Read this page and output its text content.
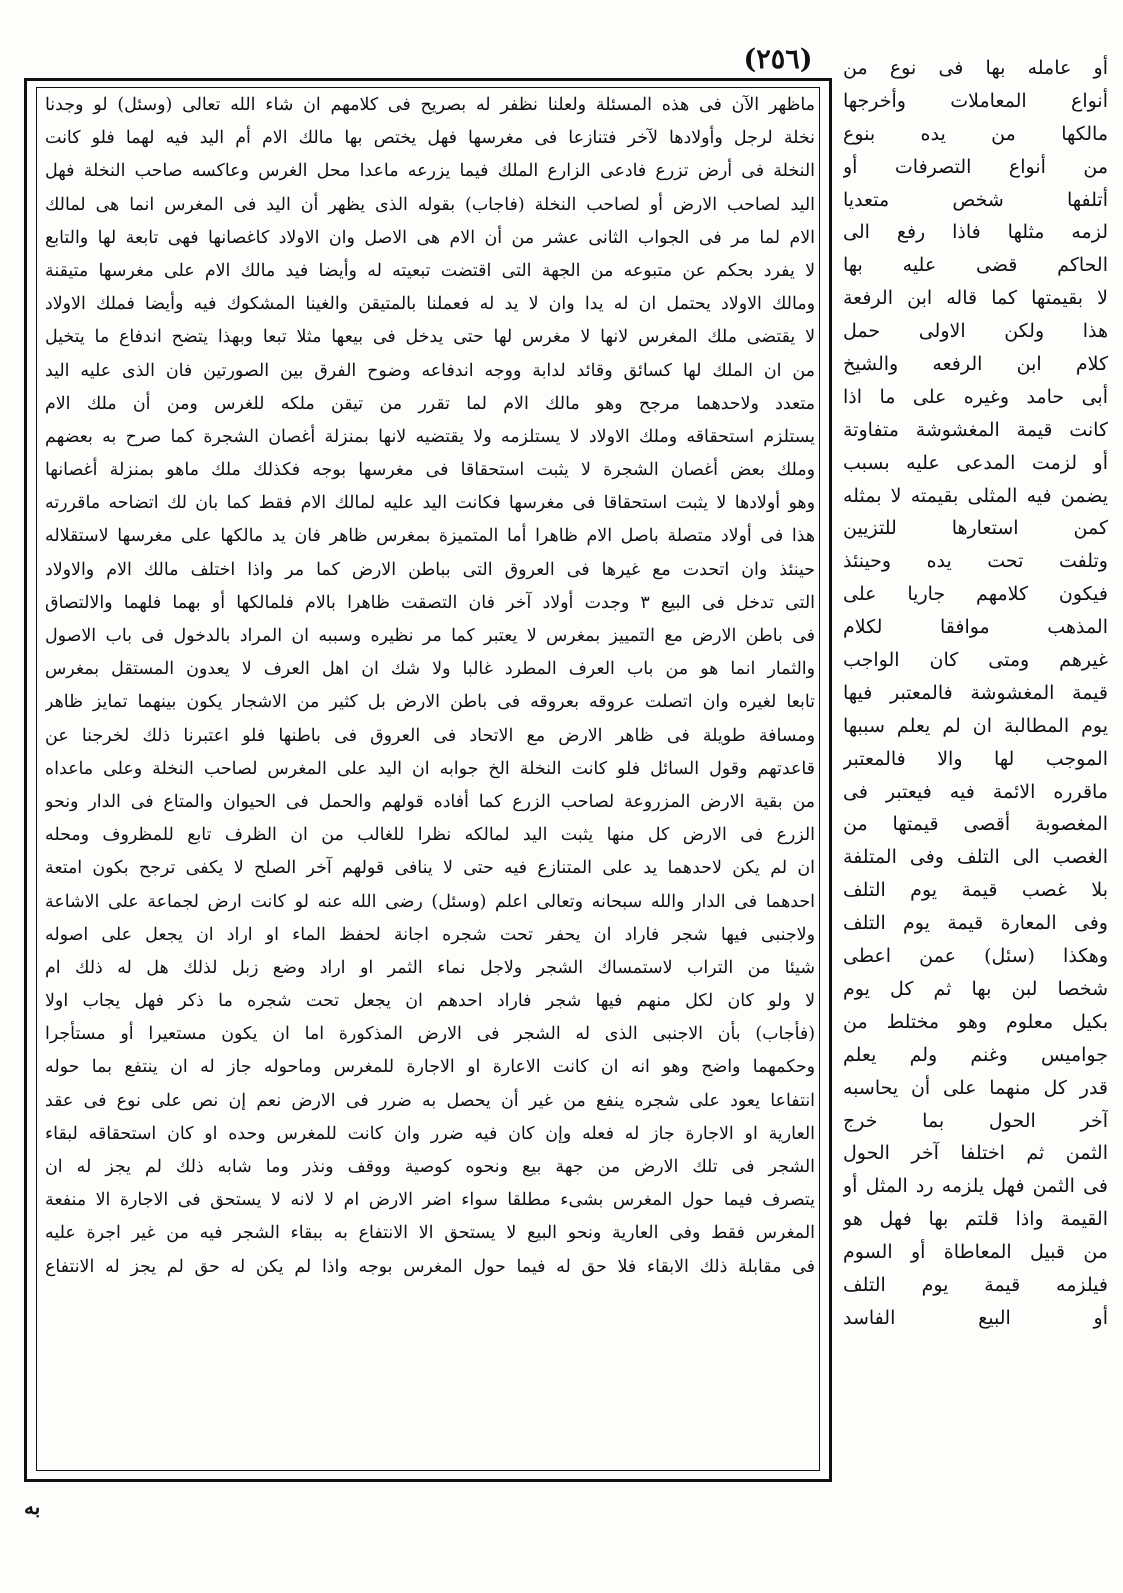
(٢٥٦)
ماظهر الآن فى هذه المسئلة ولعلنا نظفر له بصريح فى كلامهم ان شاء الله تعالى (وسئل) لو وجدنا
نخلة لرجل وأولادها لآخر فتنازعا فى مغرسها فهل يختص بها مالك الام أم اليد فيه لهما فلو كانت
النخلة فى أرض تزرع فادعى الزارع الملك فيما يزرعه ماعدا محل الغرس وعاكسه صاحب النخلة فهل
اليد لصاحب الارض أو لصاحب النخلة (فاجاب) بقوله الذى يظهر أن اليد فى المغرس انما هى لمالك
الام لما مر فى الجواب الثانى عشر من أن الام هى الاصل وان الاولاد كاغصانها فهى تابعة لها والتابع
لا يفرد بحكم عن متبوعه من الجهة التى اقتضت تبعيته له وأيضا فيد مالك الام على مغرسها متيقنة
ومالك الاولاد يحتمل ان له يدا وان لا يد له فعملنا بالمتيقن والغينا المشكوك فيه وأيضا فملك الاولاد
لا يقتضى ملك المغرس لانها لا مغرس لها حتى يدخل فى بيعها مثلا تبعا وبهذا يتضح اندفاع ما يتخيل
من ان الملك لها كسائق وقائد لدابة ووجه اندفاعه وضوح الفرق بين الصورتين فان الذى عليه اليد
متعدد ولاحدهما مرجح وهو مالك الام لما تقرر من تيقن ملكه للغرس ومن أن ملك الام
يستلزم استحقاقه وملك الاولاد لا يستلزمه ولا يقتضيه لانها بمنزلة أغصان الشجرة كما صرح به بعضهم
وملك بعض أغصان الشجرة لا يثبت استحقاقا فى مغرسها بوجه فكذلك ملك ماهو بمنزلة أغصانها
وهو أولادها لا يثبت استحقاقا فى مغرسها فكانت اليد عليه لمالك الام فقط كما بان لك اتضاحه ماقررته
هذا فى أولاد متصلة باصل الام ظاهرا أما المتميزة بمغرس ظاهر فان يد مالكها على مغرسها لاستقلاله
حينئذ وان اتحدت مع غيرها فى العروق التى بباطن الارض كما مر واذا اختلف مالك الام والاولاد
التى تدخل فى البيع ٣ وجدت أولاد آخر فان التصقت ظاهرا بالام فلمالكها أو بهما فلهما والالتصاق
فى باطن الارض مع التمييز بمغرس لا يعتبر كما مر نظيره وسببه ان المراد بالدخول فى باب الاصول
والثمار انما هو من باب العرف المطرد غالبا ولا شك ان اهل العرف لا يعدون المستقل بمغرس
تابعا لغيره وان اتصلت عروقه بعروقه فى باطن الارض بل كثير من الاشجار يكون بينهما تمايز ظاهر
ومسافة طويلة فى ظاهر الارض مع الاتحاد فى العروق فى باطنها فلو اعتبرنا ذلك لخرجنا عن
قاعدتهم وقول السائل فلو كانت النخلة الخ جوابه ان اليد على المغرس لصاحب النخلة وعلى ماعداه
من بقية الارض المزروعة لصاحب الزرع كما أفاده قولهم والحمل فى الحيوان والمتاع فى الدار ونحو
الزرع فى الارض كل منها يثبت اليد لمالكه نظرا للغالب من ان الظرف تابع للمظروف ومحله
ان لم يكن لاحدهما يد على المتنازع فيه حتى لا ينافى قولهم آخر الصلح لا يكفى ترجح بكون امتعة
احدهما فى الدار والله سبحانه وتعالى اعلم (وسئل) رضى الله عنه لو كانت ارض لجماعة على الاشاعة
ولاجنبى فيها شجر فاراد ان يحفر تحت شجره اجانة لحفظ الماء او اراد ان يجعل على اصوله
شيئا من التراب لاستمساك الشجر ولاجل نماء الثمر او اراد وضع زبل لذلك هل له ذلك ام
لا ولو كان لكل منهم فيها شجر فاراد احدهم ان يجعل تحت شجره ما ذكر فهل يجاب اولا
(فأجاب) بأن الاجنبى الذى له الشجر فى الارض المذكورة اما ان يكون مستعيرا أو مستأجرا
وحكمهما واضح وهو انه ان كانت الاعارة او الاجارة للمغرس وماحوله جاز له ان ينتفع بما حوله
انتفاعا يعود على شجره ينفع من غير أن يحصل به ضرر فى الارض نعم إن نص على نوع فى عقد
العارية او الاجارة جاز له فعله وإن كان فيه ضرر وان كانت للمغرس وحده او كان استحقاقه لبقاء
الشجر فى تلك الارض من جهة بيع ونحوه كوصية ووقف ونذر وما شابه ذلك لم يجز له ان
يتصرف فيما حول المغرس بشىء مطلقا سواء اضر الارض ام لا لانه لا يستحق فى الاجارة الا منفعة
المغرس فقط وفى العارية ونحو البيع لا يستحق الا الانتفاع به ببقاء الشجر فيه من غير اجرة عليه
فى مقابلة ذلك الابقاء فلا حق له فيما حول المغرس بوجه واذا لم يكن له حق لم يجز له الانتفاع
أو عامله بها فى نوع من
أنواع المعاملات وأخرجها
مالكها من يده بنوع
من أنواع التصرفات أو
أتلفها شخص متعديا
لزمه مثلها فاذا رفع الى
الحاكم قضى عليه بها
لا بقيمتها كما قاله ابن الرفعة
هذا ولكن الاولى حمل
كلام ابن الرفعه والشيخ
أبى حامد وغيره على ما اذا
كانت قيمة المغشوشة متفاوتة
أو لزمت المدعى عليه بسبب
يضمن فيه المثلى بقيمته لا بمثله
كمن استعارها للتزيين
وتلفت تحت يده وحينئذ
فيكون كلامهم جاريا على
المذهب موافقا لكلام
غيرهم ومتى كان الواجب
قيمة المغشوشة فالمعتبر فيها
يوم المطالبة ان لم يعلم سببها
الموجب لها والا فالمعتبر
ماقرره الائمة فيه فيعتبر فى
المغصوبة أقصى قيمتها من
الغصب الى التلف وفى المتلفة
بلا غصب قيمة يوم التلف
وفى المعارة قيمة يوم التلف
وهكذا (سئل) عمن اعطى
شخصا لبن بها ثم كل يوم
بكيل معلوم وهو مختلط من
جواميس وغنم ولم يعلم
قدر كل منهما على أن يحاسبه
آخر الحول بما خرج
الثمن ثم اختلفا آخر الحول
فى الثمن فهل يلزمه رد المثل أو
القيمة واذا قلتم بها فهل هو
من قبيل المعاطاة أو السوم
فيلزمه قيمة يوم التلف
أو البيع الفاسد
به
